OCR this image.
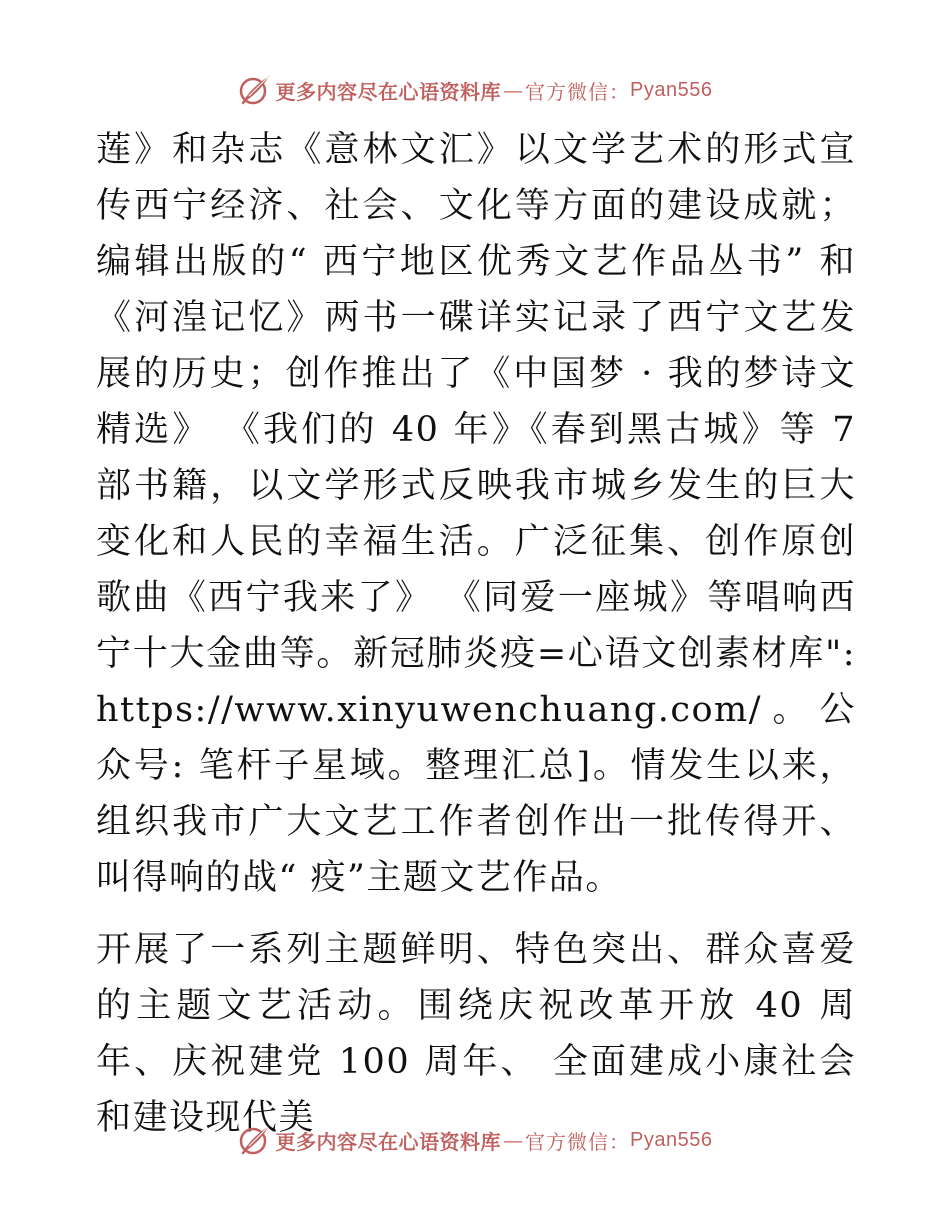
更多内容尽在心语资料库 — 官方微信： Pyan556

莲》和杂志《意林文汇》以文学艺术的形式宣传西宁经济、社会、文化等方面的建设成就；编辑出版的“ 西宁地区优秀文艺作品丛书” 和《河湟记忆》两书一碟详实记录了西宁文艺发展的历史；创作推出了《中国梦 · 我的梦诗文精选》 《我们的 40 年》《春到黑古城》等 7 部书籍，以文学形式反映我市城乡发生的巨大变化和人民的幸福生活。广泛征集、创作原创歌曲《西宁我来了》 《同爱一座城》等唱响西宁十大金曲等。新冠肺炎疫=心语文创素材库": https://www.xinyuwenchuang.com/。公众号: 笔杆子星域。整理汇总]。情发生以来，组织我市广大文艺工作者创作出一批传得开、叫得响的战“ 疫”主题文艺作品。

开展了一系列主题鲜明、特色突出、群众喜爱的主题文艺活动。围绕庆祝改革开放 40 周年、庆祝建党 100 周年、 全面建成小康社会和建设现代美

更多内容尽在心语资料库 — 官方微信： Pyan556
